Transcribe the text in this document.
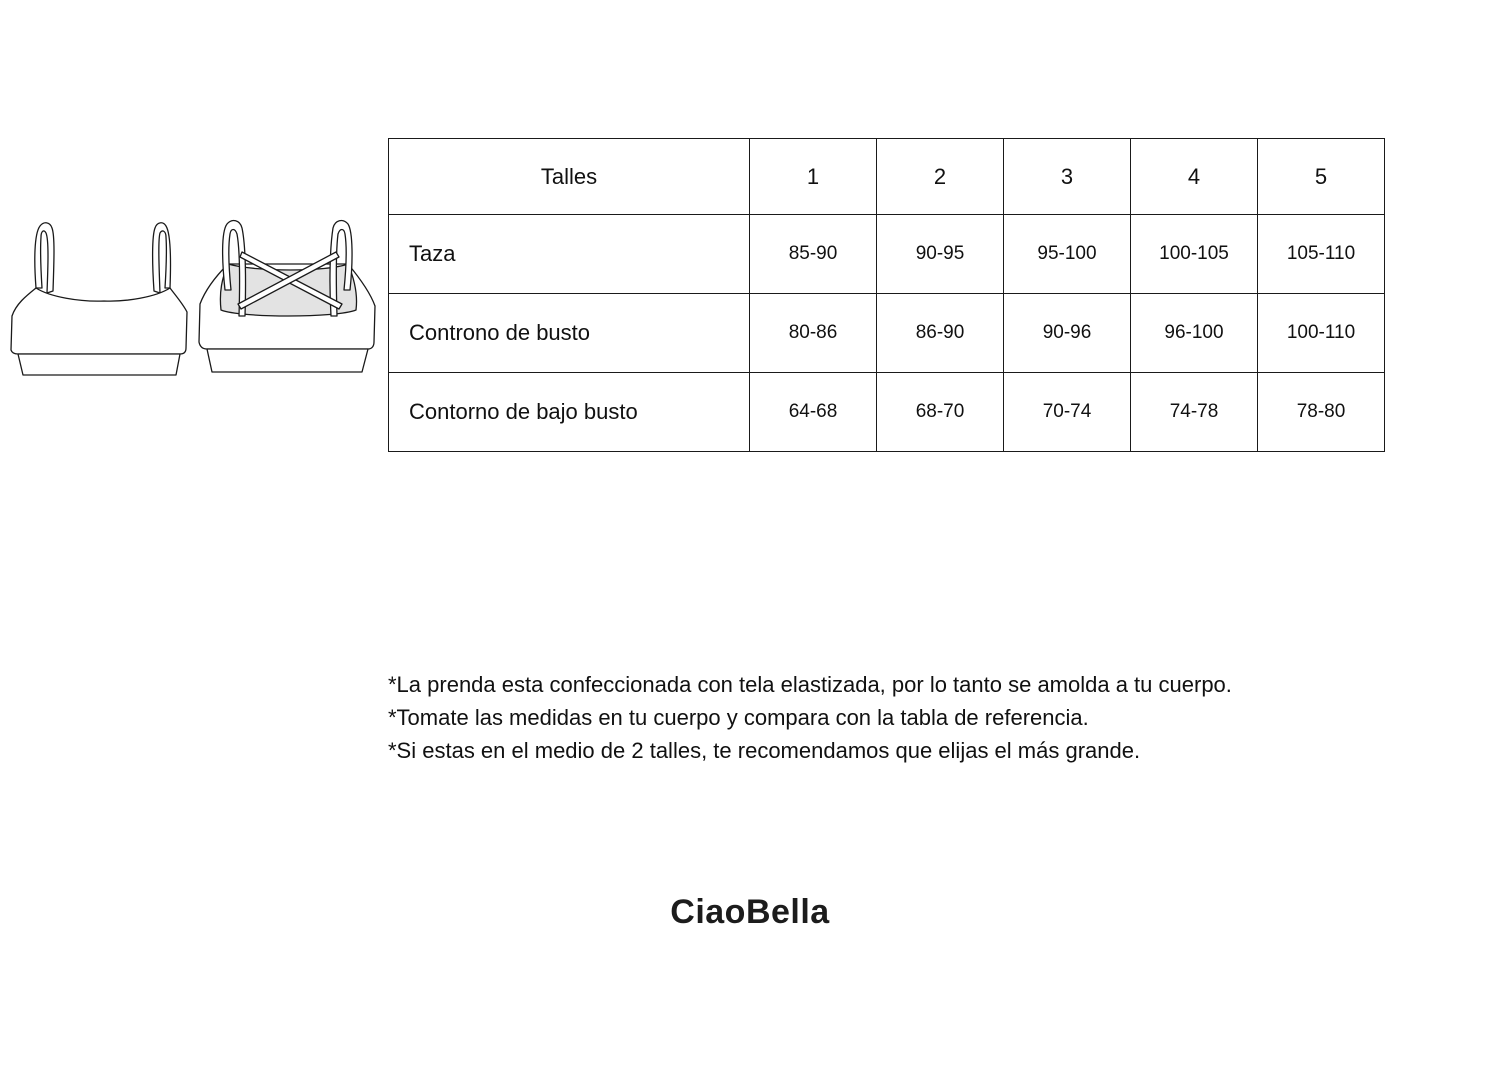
Talles	1	2	3	4	5
Taza	85-90	90-95	95-100	100-105	105-110
Controno de busto	80-86	86-90	90-96	96-100	100-110
Contorno de bajo busto	64-68	68-70	70-74	74-78	78-80

*La prenda esta confeccionada con tela elastizada, por lo tanto se amolda a tu cuerpo.

*Tomate las medidas en tu cuerpo y compara con la tabla de referencia.

*Si estas en el medio de 2 talles, te recomendamos que elijas el más grande.

CiaoBella
